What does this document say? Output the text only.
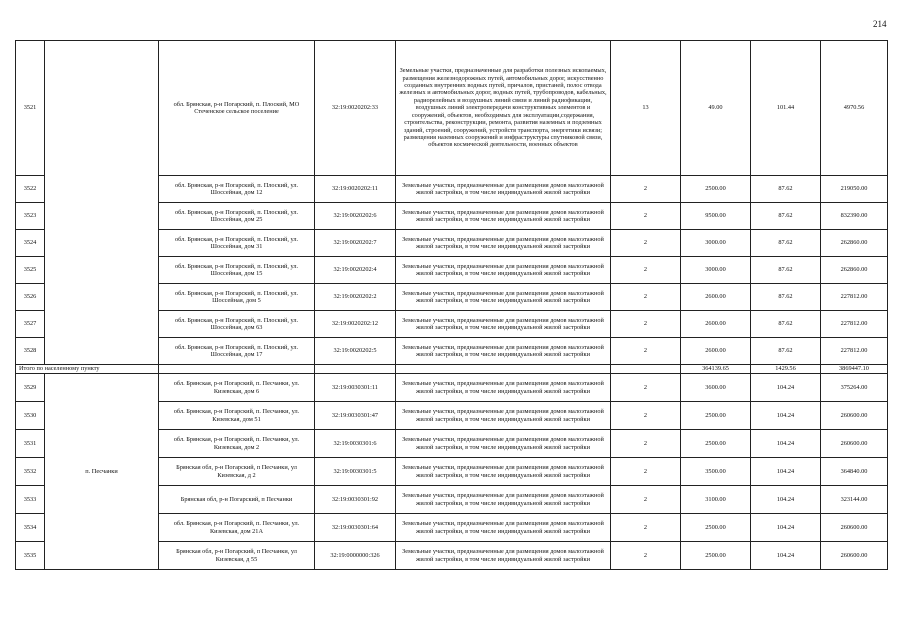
214
3521		обл. Брянская, р-н Погарский, п. Плоский, МО Стеченское сельское поселение	32:19:0020202:33	Земельные участки, предназначенные для разработки полезных ископаемых, размещения железнодорожных путей, автомобильных дорог, искусственно созданных внутренних водных путей, причалов, пристаней, полос отвода железных и автомобильных дорог, водных путей, трубопроводов, кабельных, радиорелейных и воздушных линий связи и линий радиофикации, воздушных линий электропередачи конструктивных элементов и сооружений, объектов, необходимых для эксплуатации,содержания, строительства, реконструкции, ремонта, развития наземных и подземных зданий, строений, сооружений, устройств транспорта, энергетики исвязи; размещения наземных сооружений и инфраструктуры спутниковой связи, объектов космической деятельности, военных объектов	13	49.00	101.44	4970.56
3522		обл. Брянская, р-н Погарский, п. Плоский, ул. Шоссейная, дом 12	32:19:0020202:11	Земельные участки, предназначенные для размещения домов малоэтажной жилой застройки, в том числе индивидуальной жилой застройки	2	2500.00	87.62	219050.00
3523		обл. Брянская, р-н Погарский, п. Плоский, ул. Шоссейная, дом 25	32:19:0020202:6	Земельные участки, предназначенные для размещения домов малоэтажной жилой застройки, в том числе индивидуальной жилой застройки	2	9500.00	87.62	832390.00
3524		обл. Брянская, р-н Погарский, п. Плоский, ул. Шоссейная, дом 31	32:19:0020202:7	Земельные участки, предназначенные для размещения домов малоэтажной жилой застройки, в том числе индивидуальной жилой застройки	2	3000.00	87.62	262860.00
3525		обл. Брянская, р-н Погарский, п. Плоский, ул. Шоссейная, дом 15	32:19:0020202:4	Земельные участки, предназначенные для размещения домов малоэтажной жилой застройки, в том числе индивидуальной жилой застройки	2	3000.00	87.62	262860.00
3526		обл. Брянская, р-н Погарский, п. Плоский, ул. Шоссейная, дом 5	32:19:0020202:2	Земельные участки, предназначенные для размещения домов малоэтажной жилой застройки, в том числе индивидуальной жилой застройки	2	2600.00	87.62	227812.00
3527		обл. Брянская, р-н Погарский, п. Плоский, ул. Шоссейная, дом 63	32:19:0020202:12	Земельные участки, предназначенные для размещения домов малоэтажной жилой застройки, в том числе индивидуальной жилой застройки	2	2600.00	87.62	227812.00
3528		обл. Брянская, р-н Погарский, п. Плоский, ул. Шоссейная, дом 17	32:19:0020202:5	Земельные участки, предназначенные для размещения домов малоэтажной жилой застройки, в том числе индивидуальной жилой застройки	2	2600.00	87.62	227812.00
Итого по населенному пункту						364139.65	1429.56	3869447.10
3529	п. Песчанки	обл. Брянская, р-н Погарский, п. Песчанки, ул. Кизевская, дом 6	32:19:0030301:11	Земельные участки, предназначенные для размещения домов малоэтажной жилой застройки, в том числе индивидуальной жилой застройки	2	3600.00	104.24	375264.00
3530		обл. Брянская, р-н Погарский, п. Песчанки, ул. Кизевская, дом 51	32:19:0030301:47	Земельные участки, предназначенные для размещения домов малоэтажной жилой застройки, в том числе индивидуальной жилой застройки	2	2500.00	104.24	260600.00
3531		обл. Брянская, р-н Погарский, п. Песчанки, ул. Кизевская, дом 2	32:19:0030301:6	Земельные участки, предназначенные для размещения домов малоэтажной жилой застройки, в том числе индивидуальной жилой застройки	2	2500.00	104.24	260600.00
3532		Брянская обл, р-н Погарский, п Песчанки, ул Кизевская, д 2	32:19:0030301:5	Земельные участки, предназначенные для размещения домов малоэтажной жилой застройки, в том числе индивидуальной жилой застройки	2	3500.00	104.24	364840.00
3533		Брянская обл, р-н Погарский, п Песчанки	32:19:0030301:92	Земельные участки, предназначенные для размещения домов малоэтажной жилой застройки, в том числе индивидуальной жилой застройки	2	3100.00	104.24	323144.00
3534		обл. Брянская, р-н Погарский, п. Песчанки, ул. Кизевская, дом 21А	32:19:0030301:64	Земельные участки, предназначенные для размещения домов малоэтажной жилой застройки, в том числе индивидуальной жилой застройки	2	2500.00	104.24	260600.00
3535		Брянская обл, р-н Погарский, п Песчанки, ул Кизевская, д 55	32:19:0000000:326	Земельные участки, предназначенные для размещения домов малоэтажной жилой застройки, в том числе индивидуальной жилой застройки	2	2500.00	104.24	260600.00
